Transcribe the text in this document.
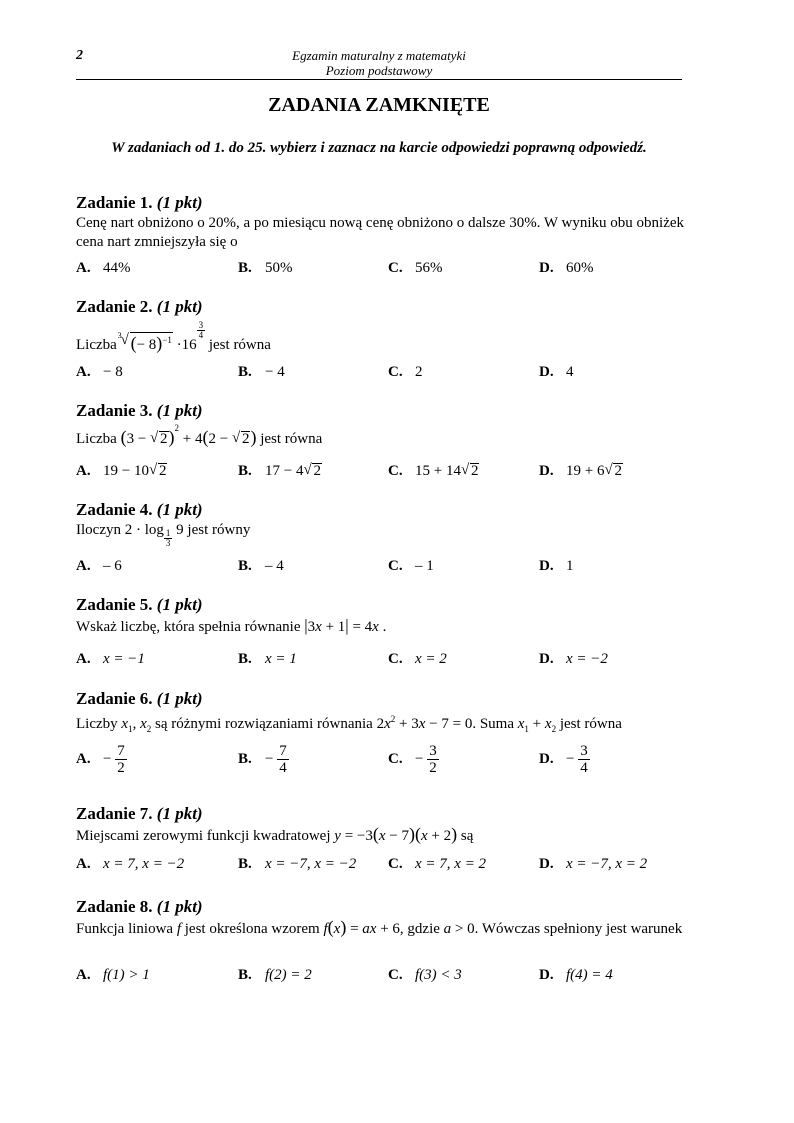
2	Egzamin maturalny z matematyki
Poziom podstawowy
ZADANIA ZAMKNIĘTE
W zadaniach od 1. do 25. wybierz i zaznacz na karcie odpowiedzi poprawną odpowiedź.
Zadanie 1. (1 pkt)
Cenę nart obniżono o 20%, a po miesiącu nową cenę obniżono o dalsze 30%. W wyniku obu obniżek cena nart zmniejszyła się o
A. 44%	B. 50%	C. 56%	D. 60%
Zadanie 2. (1 pkt)
Liczba
3 √ (− 8)$^{-1}$ ·16
$^{\frac{3}{4}}$
jest równa
A. − 8	B. − 4	C. 2	D. 4
Zadanie 3. (1 pkt)
Liczba (3 − √ 2)$^2$ + 4(2 − √ 2) jest równa
A. 19 − 10 √ 2	B. 17 − 4 √ 2	C. 15 + 14 √ 2	D. 19 + 6 √ 2
Zadanie 4. (1 pkt)
Iloczyn $2 \cdot \log \frac{1}{3} 9$ jest równy
A. – 6	B. – 4	C. – 1	D. 1
Zadanie 5. (1 pkt)
Wskaż liczbę, która spełnia równanie |3x + 1| = 4x .
A. x = −1	B. x = 1	C. x = 2	D. x = −2
Zadanie 6. (1 pkt)
Liczby $x_1$, $x_2$ są różnymi rozwiązaniami równania $2x^2 + 3x - 7 = 0$. Suma $x_1 + x_2$ jest równa
A. − $\frac{7}{2}$	B. − $\frac{7}{4}$	C. − $\frac{3}{2}$	D. − $\frac{3}{4}$
Zadanie 7. (1 pkt)
Miejscami zerowymi funkcji kwadratowej y = −3(x − 7)(x + 2) są
A. x = 7, x = −2	B. x = −7, x = −2 C. x = 7, x = 2	D. x = −7, x = 2
Zadanie 8. (1 pkt)
Funkcja liniowa f jest określona wzorem f(x) = ax + 6, gdzie a > 0. Wówczas spełniony jest warunek
A. f(1) > 1	B. f(2) = 2	C. f(3) < 3	D. f(4) = 4
